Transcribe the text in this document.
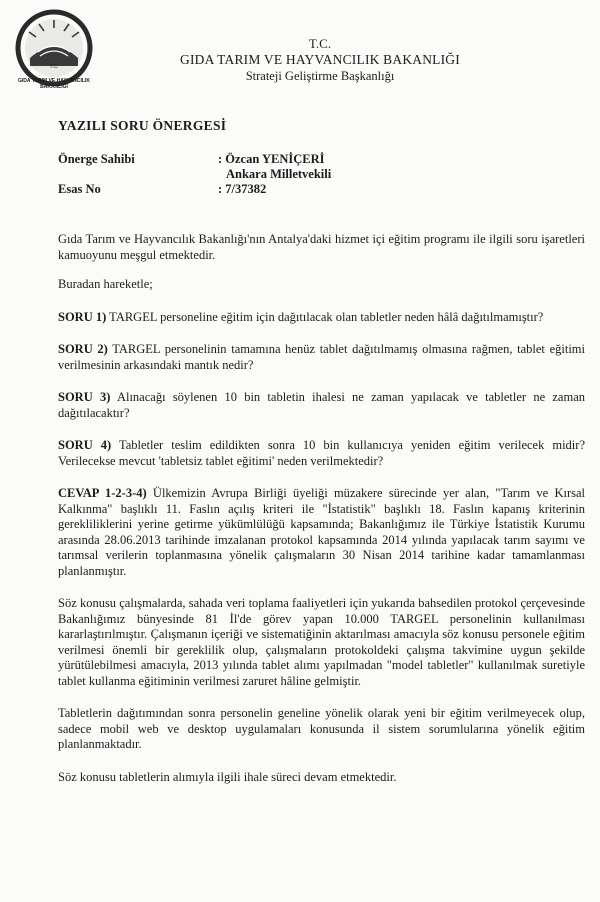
T.C.
GIDA TARIM VE HAYVANCILIK BAKANLIĞI
T.C.
GIDA TARIM VE HAYVANCILIK BAKANLIĞI
Strateji Geliştirme Başkanlığı
YAZILI SORU ÖNERGESİ
Önerge Sahibi	: Özcan YENİÇERİ
Ankara Milletvekili
Esas No	: 7/37382

Gıda Tarım ve Hayvancılık Bakanlığı'nın Antalya'daki hizmet içi eğitim programı ile ilgili soru işaretleri kamuoyunu meşgul etmektedir.

Buradan hareketle;

SORU 1) TARGEL personeline eğitim için dağıtılacak olan tabletler neden hâlâ dağıtılmamıştır?

SORU 2) TARGEL personelinin tamamına henüz tablet dağıtılmamış olmasına rağmen, tablet eğitimi verilmesinin arkasındaki mantık nedir?

SORU 3) Alınacağı söylenen 10 bin tabletin ihalesi ne zaman yapılacak ve tabletler ne zaman dağıtılacaktır?

SORU 4) Tabletler teslim edildikten sonra 10 bin kullanıcıya yeniden eğitim verilecek midir? Verilecekse mevcut 'tabletsiz tablet eğitimi' neden verilmektedir?

CEVAP 1-2-3-4) Ülkemizin Avrupa Birliği üyeliği müzakere sürecinde yer alan, "Tarım ve Kırsal Kalkınma" başlıklı 11. Faslın açılış kriteri ile "İstatistik" başlıklı 18. Faslın kapanış kriterinin gerekliliklerini yerine getirme yükümlülüğü kapsamında; Bakanlığımız ile Türkiye İstatistik Kurumu arasında 28.06.2013 tarihinde imzalanan protokol kapsamında 2014 yılında yapılacak tarım sayımı ve tarımsal verilerin toplanmasına yönelik çalışmaların 30 Nisan 2014 tarihine kadar tamamlanması planlanmıştır.

Söz konusu çalışmalarda, sahada veri toplama faaliyetleri için yukarıda bahsedilen protokol çerçevesinde Bakanlığımız bünyesinde 81 İl'de görev yapan 10.000 TARGEL personelinin kullanılması kararlaştırılmıştır. Çalışmanın içeriği ve sistematiğinin aktarılması amacıyla söz konusu personele eğitim verilmesi önemli bir gereklilik olup, çalışmaların protokoldeki çalışma takvimine uygun şekilde yürütülebilmesi amacıyla, 2013 yılında tablet alımı yapılmadan "model tabletler" kullanılmak suretiyle tablet kullanma eğitiminin verilmesi zaruret hâline gelmiştir.

Tabletlerin dağıtımından sonra personelin geneline yönelik olarak yeni bir eğitim verilmeyecek olup, sadece mobil web ve desktop uygulamaları konusunda il sistem sorumlularına yönelik eğitim planlanmaktadır.

Söz konusu tabletlerin alımıyla ilgili ihale süreci devam etmektedir.
